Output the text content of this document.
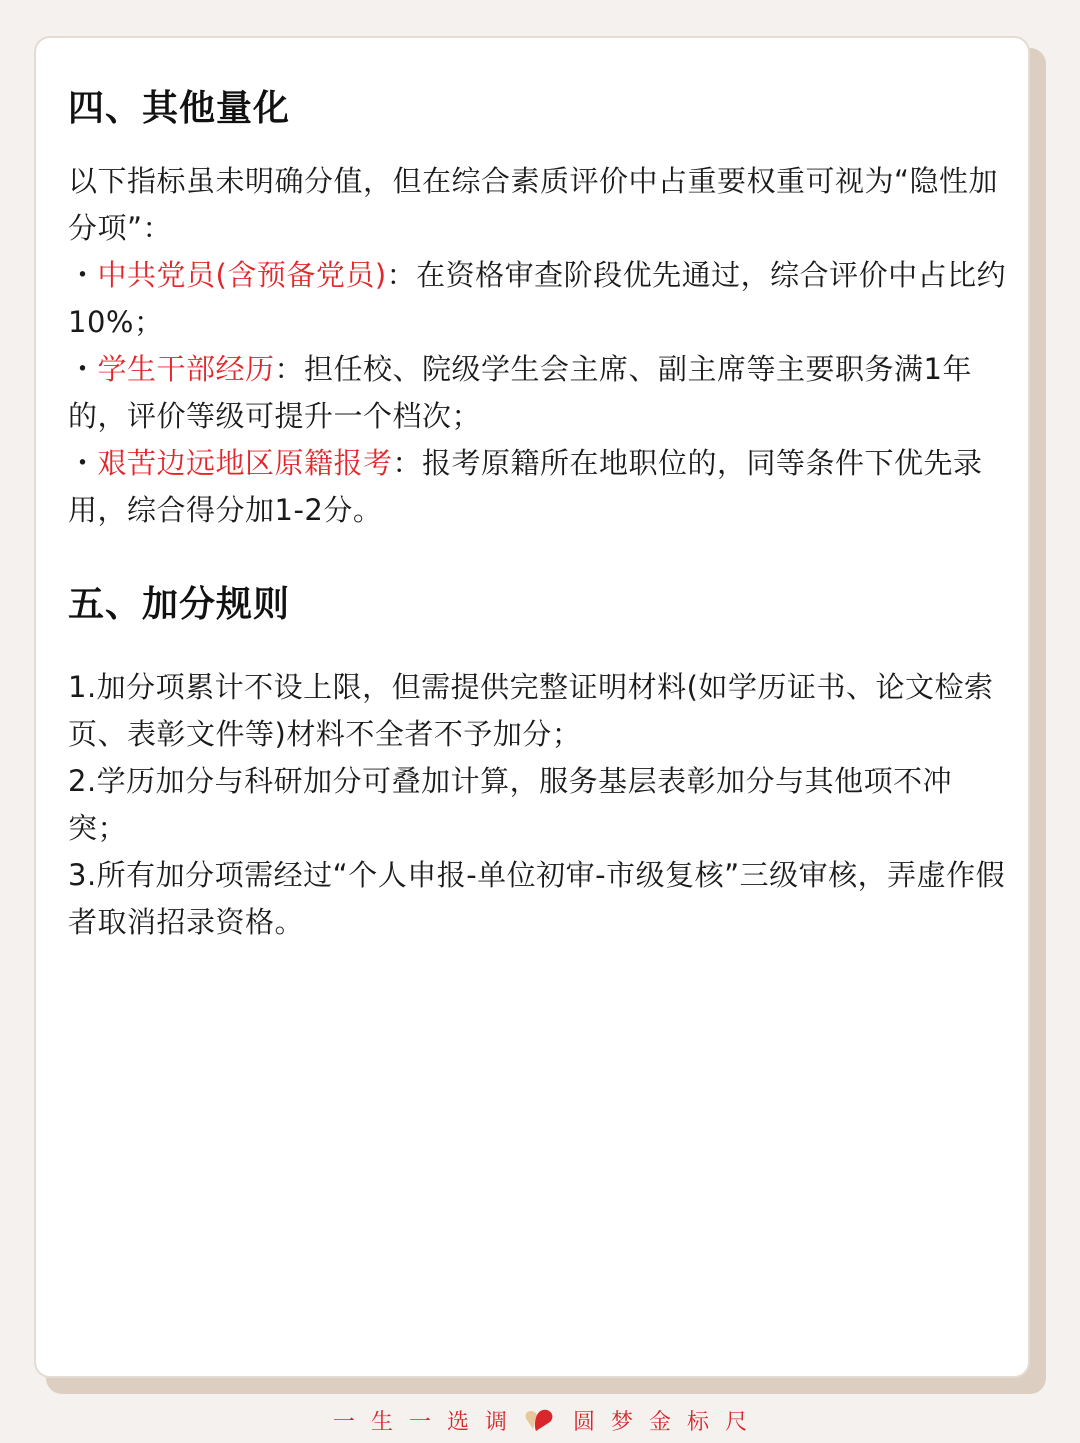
四、其他量化

以下指标虽未明确分值，但在综合素质评价中占重要权重可视为“隐性加分项”：

・中共党员(含预备党员)：在资格审查阶段优先通过，综合评价中占比约10%；

・学生干部经历：担任校、院级学生会主席、副主席等主要职务满1年的，评价等级可提升一个档次；

・艰苦边远地区原籍报考：报考原籍所在地职位的，同等条件下优先录用，综合得分加1-2分。

五、加分规则

1.加分项累计不设上限，但需提供完整证明材料(如学历证书、论文检索页、表彰文件等)材料不全者不予加分；

2.学历加分与科研加分可叠加计算，服务基层表彰加分与其他项不冲突；

3.所有加分项需经过“个人申报-单位初审-市级复核”三级审核，弄虚作假者取消招录资格。

一 生 一 选 调	圆 梦 金 标 尺
